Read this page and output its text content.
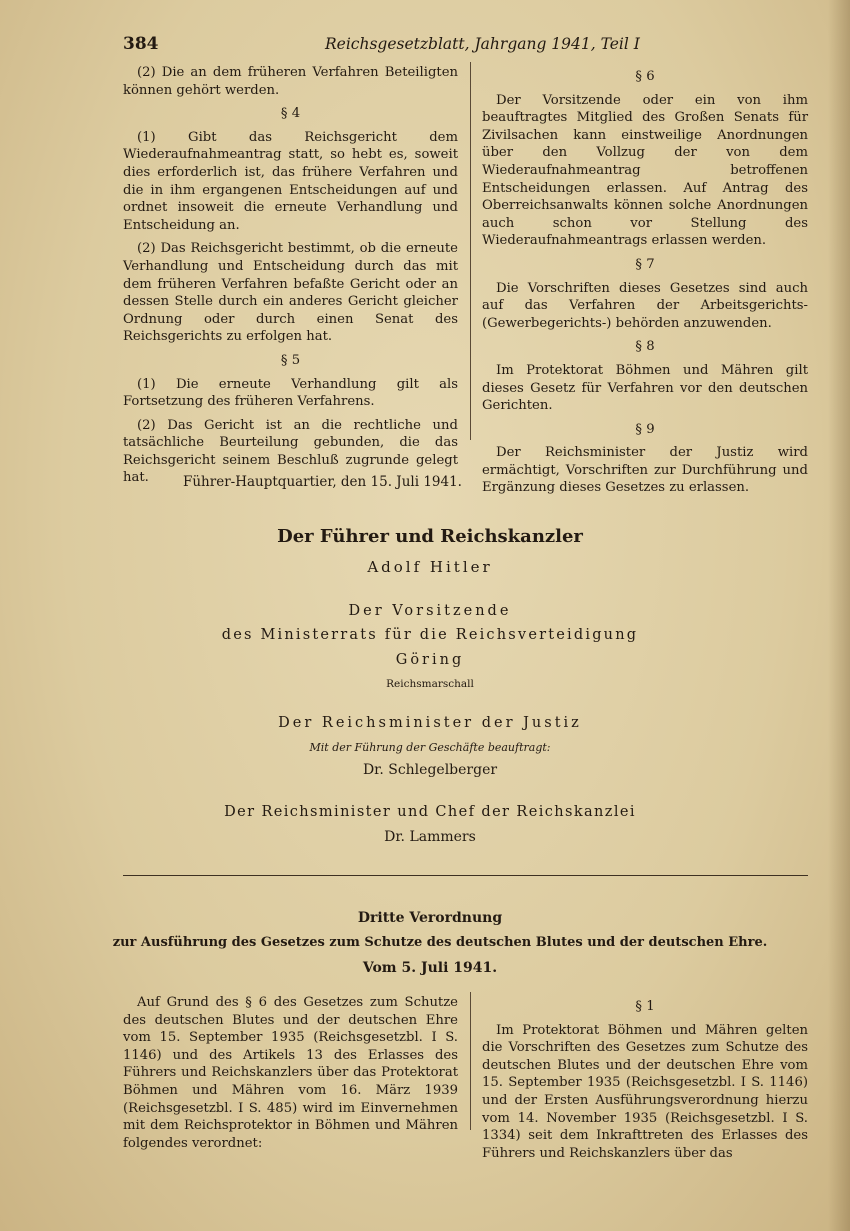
384	Reichsgesetzblatt, Jahrgang 1941, Teil I

(2) Die an dem früheren Verfahren Beteiligten können gehört werden.

§ 4

(1) Gibt das Reichsgericht dem Wiederaufnahmeantrag statt, so hebt es, soweit dies erforderlich ist, das frühere Verfahren und die in ihm ergangenen Entscheidungen auf und ordnet insoweit die erneute Verhandlung und Entscheidung an.

(2) Das Reichsgericht bestimmt, ob die erneute Verhandlung und Entscheidung durch das mit dem früheren Verfahren befaßte Gericht oder an dessen Stelle durch ein anderes Gericht gleicher Ordnung oder durch einen Senat des Reichsgerichts zu erfolgen hat.

§ 5

(1) Die erneute Verhandlung gilt als Fortsetzung des früheren Verfahrens.

(2) Das Gericht ist an die rechtliche und tatsächliche Beurteilung gebunden, die das Reichsgericht seinem Beschluß zugrunde gelegt hat.

§ 6

Der Vorsitzende oder ein von ihm beauftragtes Mitglied des Großen Senats für Zivilsachen kann einstweilige Anordnungen über den Vollzug der von dem Wiederaufnahmeantrag betroffenen Entscheidungen erlassen. Auf Antrag des Oberreichsanwalts können solche Anordnungen auch schon vor Stellung des Wiederaufnahmeantrags erlassen werden.

§ 7

Die Vorschriften dieses Gesetzes sind auch auf das Verfahren der Arbeitsgerichts- (Gewerbegerichts-) behörden anzuwenden.

§ 8

Im Protektorat Böhmen und Mähren gilt dieses Gesetz für Verfahren vor den deutschen Gerichten.

§ 9

Der Reichsminister der Justiz wird ermächtigt, Vorschriften zur Durchführung und Ergänzung dieses Gesetzes zu erlassen.

Führer-Hauptquartier, den 15. Juli 1941.
Der Führer und Reichskanzler
Adolf Hitler
Der Vorsitzende
des Ministerrats für die Reichsverteidigung
Göring
Reichsmarschall
Der Reichsminister der Justiz
Mit der Führung der Geschäfte beauftragt:
Dr. Schlegelberger
Der Reichsminister und Chef der Reichskanzlei
Dr. Lammers
Dritte Verordnung
zur Ausführung des Gesetzes zum Schutze des deutschen Blutes und der deutschen Ehre.
Vom 5. Juli 1941.

Auf Grund des § 6 des Gesetzes zum Schutze des deutschen Blutes und der deutschen Ehre vom 15. September 1935 (Reichsgesetzbl. I S. 1146) und des Artikels 13 des Erlasses des Führers und Reichskanzlers über das Protektorat Böhmen und Mähren vom 16. März 1939 (Reichsgesetzbl. I S. 485) wird im Einvernehmen mit dem Reichsprotektor in Böhmen und Mähren folgendes verordnet:

§ 1

Im Protektorat Böhmen und Mähren gelten die Vorschriften des Gesetzes zum Schutze des deutschen Blutes und der deutschen Ehre vom 15. September 1935 (Reichsgesetzbl. I S. 1146) und der Ersten Ausführungsverordnung hierzu vom 14. November 1935 (Reichsgesetzbl. I S. 1334) seit dem Inkrafttreten des Erlasses des Führers und Reichskanzlers über das
